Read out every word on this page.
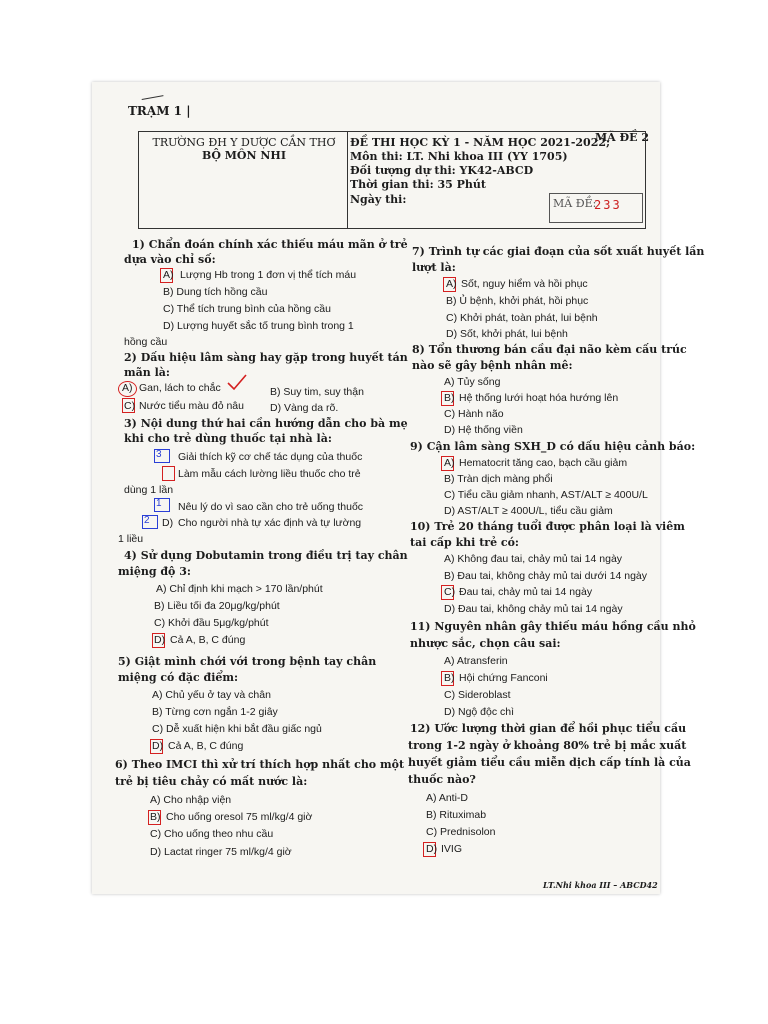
TRẠM 1 |
MÃ ĐỀ 2
TRƯỜNG ĐH Y DƯỢC CẦN THƠ
BỘ MÔN NHI
ĐỀ THI HỌC KỲ 1 - NĂM HỌC 2021-2022;
Môn thi: LT. Nhi khoa III (YY 1705)
Đối tượng dự thi: YK42-ABCD
Thời gian thi: 35 Phút
Ngày thi:	MÃ ĐỀ:
233
1) Chẩn đoán chính xác thiếu máu mãn ở trẻ
dựa vào chỉ số:
A) Lượng Hb trong 1 đơn vị thể tích máu
B) Dung tích hồng cầu
C) Thể tích trung bình của hồng cầu
D) Lượng huyết sắc tố trung bình trong 1
hồng cầu
2) Dấu hiệu lâm sàng hay gặp trong huyết tán
mãn là:
A) Gan, lách to chắc	B) Suy tim, suy thận
C) Nước tiểu màu đỏ nâu D) Vàng da rõ.
3) Nội dung thứ hai cần hướng dẫn cho bà mẹ
khi cho trẻ dùng thuốc tại nhà là:
3 Giải thích kỹ cơ chế tác dụng của thuốc
Làm mẫu cách lường liều thuốc cho trẻ
dùng 1 lần
1 Nêu lý do vì sao cần cho trẻ uống thuốc
2 D) Cho người nhà tự xác định và tự lường
1 liều
4) Sử dụng Dobutamin trong điều trị tay chân
miệng độ 3:
A) Chỉ định khi mạch > 170 lần/phút
B) Liều tối đa 20μg/kg/phút
C) Khởi đầu 5μg/kg/phút
D) Cả A, B, C đúng
5) Giật mình chới với trong bệnh tay chân
miệng có đặc điểm:
A) Chủ yếu ở tay và chân
B) Từng cơn ngắn 1-2 giây
C) Dễ xuất hiện khi bắt đầu giấc ngủ
D) Cả A, B, C đúng
6) Theo IMCI thì xử trí thích hợp nhất cho một
trẻ bị tiêu chảy có mất nước là:
A) Cho nhập viện
B) Cho uống oresol 75 ml/kg/4 giờ
C) Cho uống theo nhu cầu
D) Lactat ringer 75 ml/kg/4 giờ
7) Trình tự các giai đoạn của sốt xuất huyết lần
lượt là:
A) Sốt, nguy hiểm và hồi phục
B) Ủ bệnh, khởi phát, hồi phục
C) Khởi phát, toàn phát, lui bệnh
D) Sốt, khởi phát, lui bệnh
8) Tổn thương bán cầu đại não kèm cấu trúc
nào sẽ gây bệnh nhân mê:
A) Tủy sống
B) Hệ thống lưới hoạt hóa hướng lên
C) Hành não
D) Hệ thống viền
9) Cận lâm sàng SXH_D có dấu hiệu cảnh báo:
A) Hematocrit tăng cao, bạch cầu giảm
B) Tràn dịch màng phổi
C) Tiểu cầu giảm nhanh, AST/ALT ≥ 400U/L
D) AST/ALT ≥ 400U/L, tiểu cầu giảm
10) Trẻ 20 tháng tuổi được phân loại là viêm
tai cấp khi trẻ có:
A) Không đau tai, chảy mủ tai 14 ngày
B) Đau tai, không chảy mủ tai dưới 14 ngày
C) Đau tai, chảy mủ tai 14 ngày
D) Đau tai, không chảy mủ tai 14 ngày
11) Nguyên nhân gây thiếu máu hồng cầu nhỏ
nhược sắc, chọn câu sai:
A) Atransferin
B) Hội chứng Fanconi
C) Sideroblast
D) Ngộ độc chì
12) Ước lượng thời gian để hồi phục tiểu cầu
trong 1-2 ngày ở khoảng 80% trẻ bị mắc xuất
huyết giảm tiểu cầu miễn dịch cấp tính là của
thuốc nào?
A) Anti-D
B) Rituximab
C) Prednisolon
D) IVIG
LT.Nhi khoa III – ABCD42
